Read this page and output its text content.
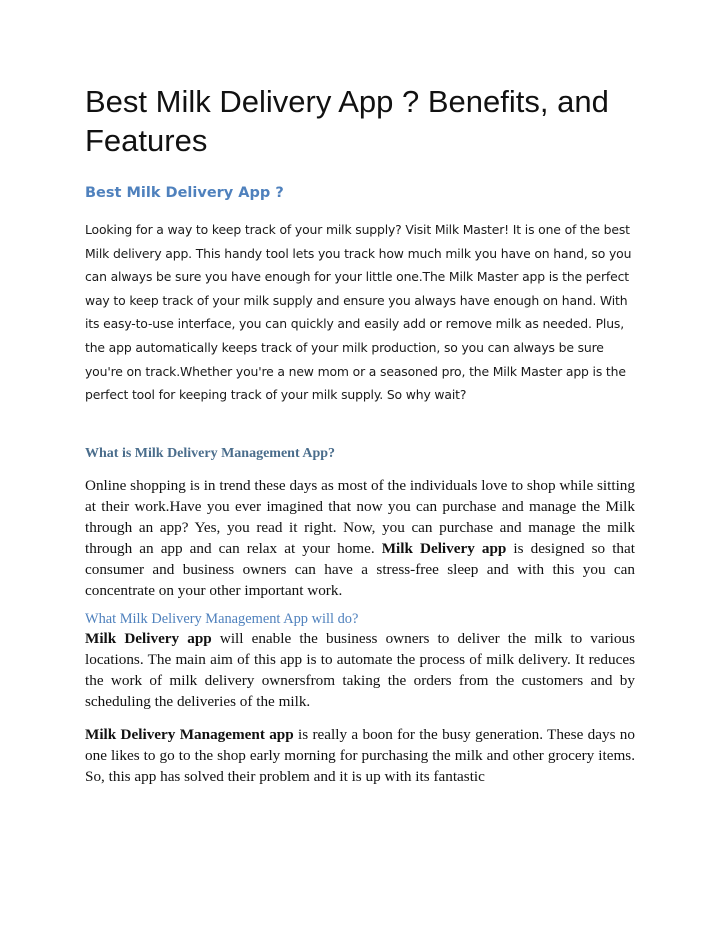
Best Milk Delivery App ? Benefits, and Features
Best Milk Delivery App ?

Looking for a way to keep track of your milk supply? Visit Milk Master! It is one of the best Milk delivery app. This handy tool lets you track how much milk you have on hand, so you can always be sure you have enough for your little one.The Milk Master app is the perfect way to keep track of your milk supply and ensure you always have enough on hand. With its easy-to-use interface, you can quickly and easily add or remove milk as needed. Plus, the app automatically keeps track of your milk production, so you can always be sure you're on track.Whether you're a new mom or a seasoned pro, the Milk Master app is the perfect tool for keeping track of your milk supply. So why wait?

What is Milk Delivery Management App?

Online shopping is in trend these days as most of the individuals love to shop while sitting at their work.Have you ever imagined that now you can purchase and manage the Milk through an app? Yes, you read it right. Now, you can purchase and manage the milk through an app and can relax at your home. Milk Delivery app is designed so that consumer and business owners can have a stress-free sleep and with this you can concentrate on your other important work.

What Milk Delivery Management App will do?

Milk Delivery app will enable the business owners to deliver the milk to various locations. The main aim of this app is to automate the process of milk delivery. It reduces the work of milk delivery ownersfrom taking the orders from the customers and by scheduling the deliveries of the milk.

Milk Delivery Management app is really a boon for the busy generation. These days no one likes to go to the shop early morning for purchasing the milk and other grocery items. So, this app has solved their problem and it is up with its fantastic
